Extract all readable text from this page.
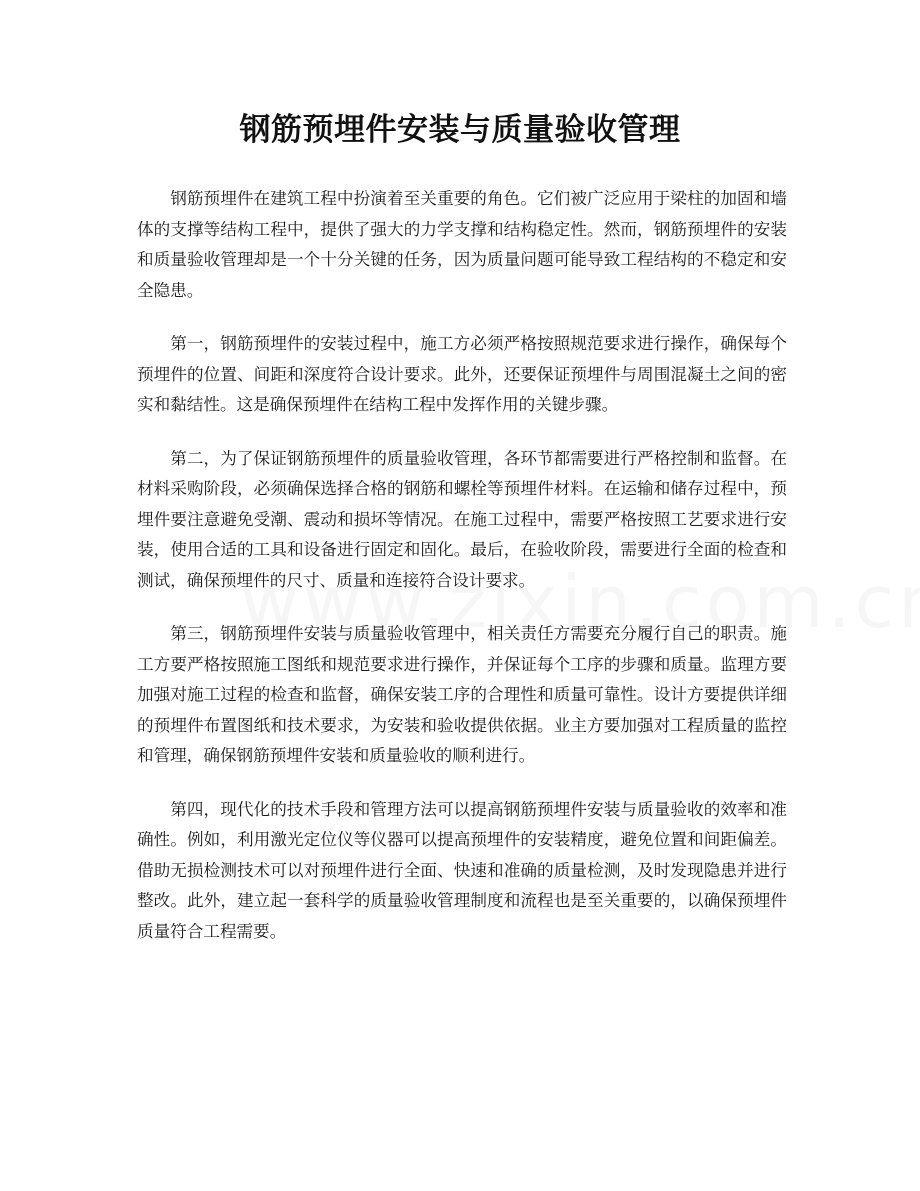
钢筋预埋件安装与质量验收管理

钢筋预埋件在建筑工程中扮演着至关重要的角色。它们被广泛应用于梁柱的加固和墙体的支撑等结构工程中，提供了强大的力学支撑和结构稳定性。然而，钢筋预埋件的安装和质量验收管理却是一个十分关键的任务，因为质量问题可能导致工程结构的不稳定和安全隐患。

第一，钢筋预埋件的安装过程中，施工方必须严格按照规范要求进行操作，确保每个预埋件的位置、间距和深度符合设计要求。此外，还要保证预埋件与周围混凝土之间的密实和黏结性。这是确保预埋件在结构工程中发挥作用的关键步骤。

第二，为了保证钢筋预埋件的质量验收管理，各环节都需要进行严格控制和监督。在材料采购阶段，必须确保选择合格的钢筋和螺栓等预埋件材料。在运输和储存过程中，预埋件要注意避免受潮、震动和损坏等情况。在施工过程中，需要严格按照工艺要求进行安装，使用合适的工具和设备进行固定和固化。最后，在验收阶段，需要进行全面的检查和测试，确保预埋件的尺寸、质量和连接符合设计要求。

第三，钢筋预埋件安装与质量验收管理中，相关责任方需要充分履行自己的职责。施工方要严格按照施工图纸和规范要求进行操作，并保证每个工序的步骤和质量。监理方要加强对施工过程的检查和监督，确保安装工序的合理性和质量可靠性。设计方要提供详细的预埋件布置图纸和技术要求，为安装和验收提供依据。业主方要加强对工程质量的监控和管理，确保钢筋预埋件安装和质量验收的顺利进行。

第四，现代化的技术手段和管理方法可以提高钢筋预埋件安装与质量验收的效率和准确性。例如，利用激光定位仪等仪器可以提高预埋件的安装精度，避免位置和间距偏差。借助无损检测技术可以对预埋件进行全面、快速和准确的质量检测，及时发现隐患并进行整改。此外，建立起一套科学的质量验收管理制度和流程也是至关重要的，以确保预埋件质量符合工程需要。
